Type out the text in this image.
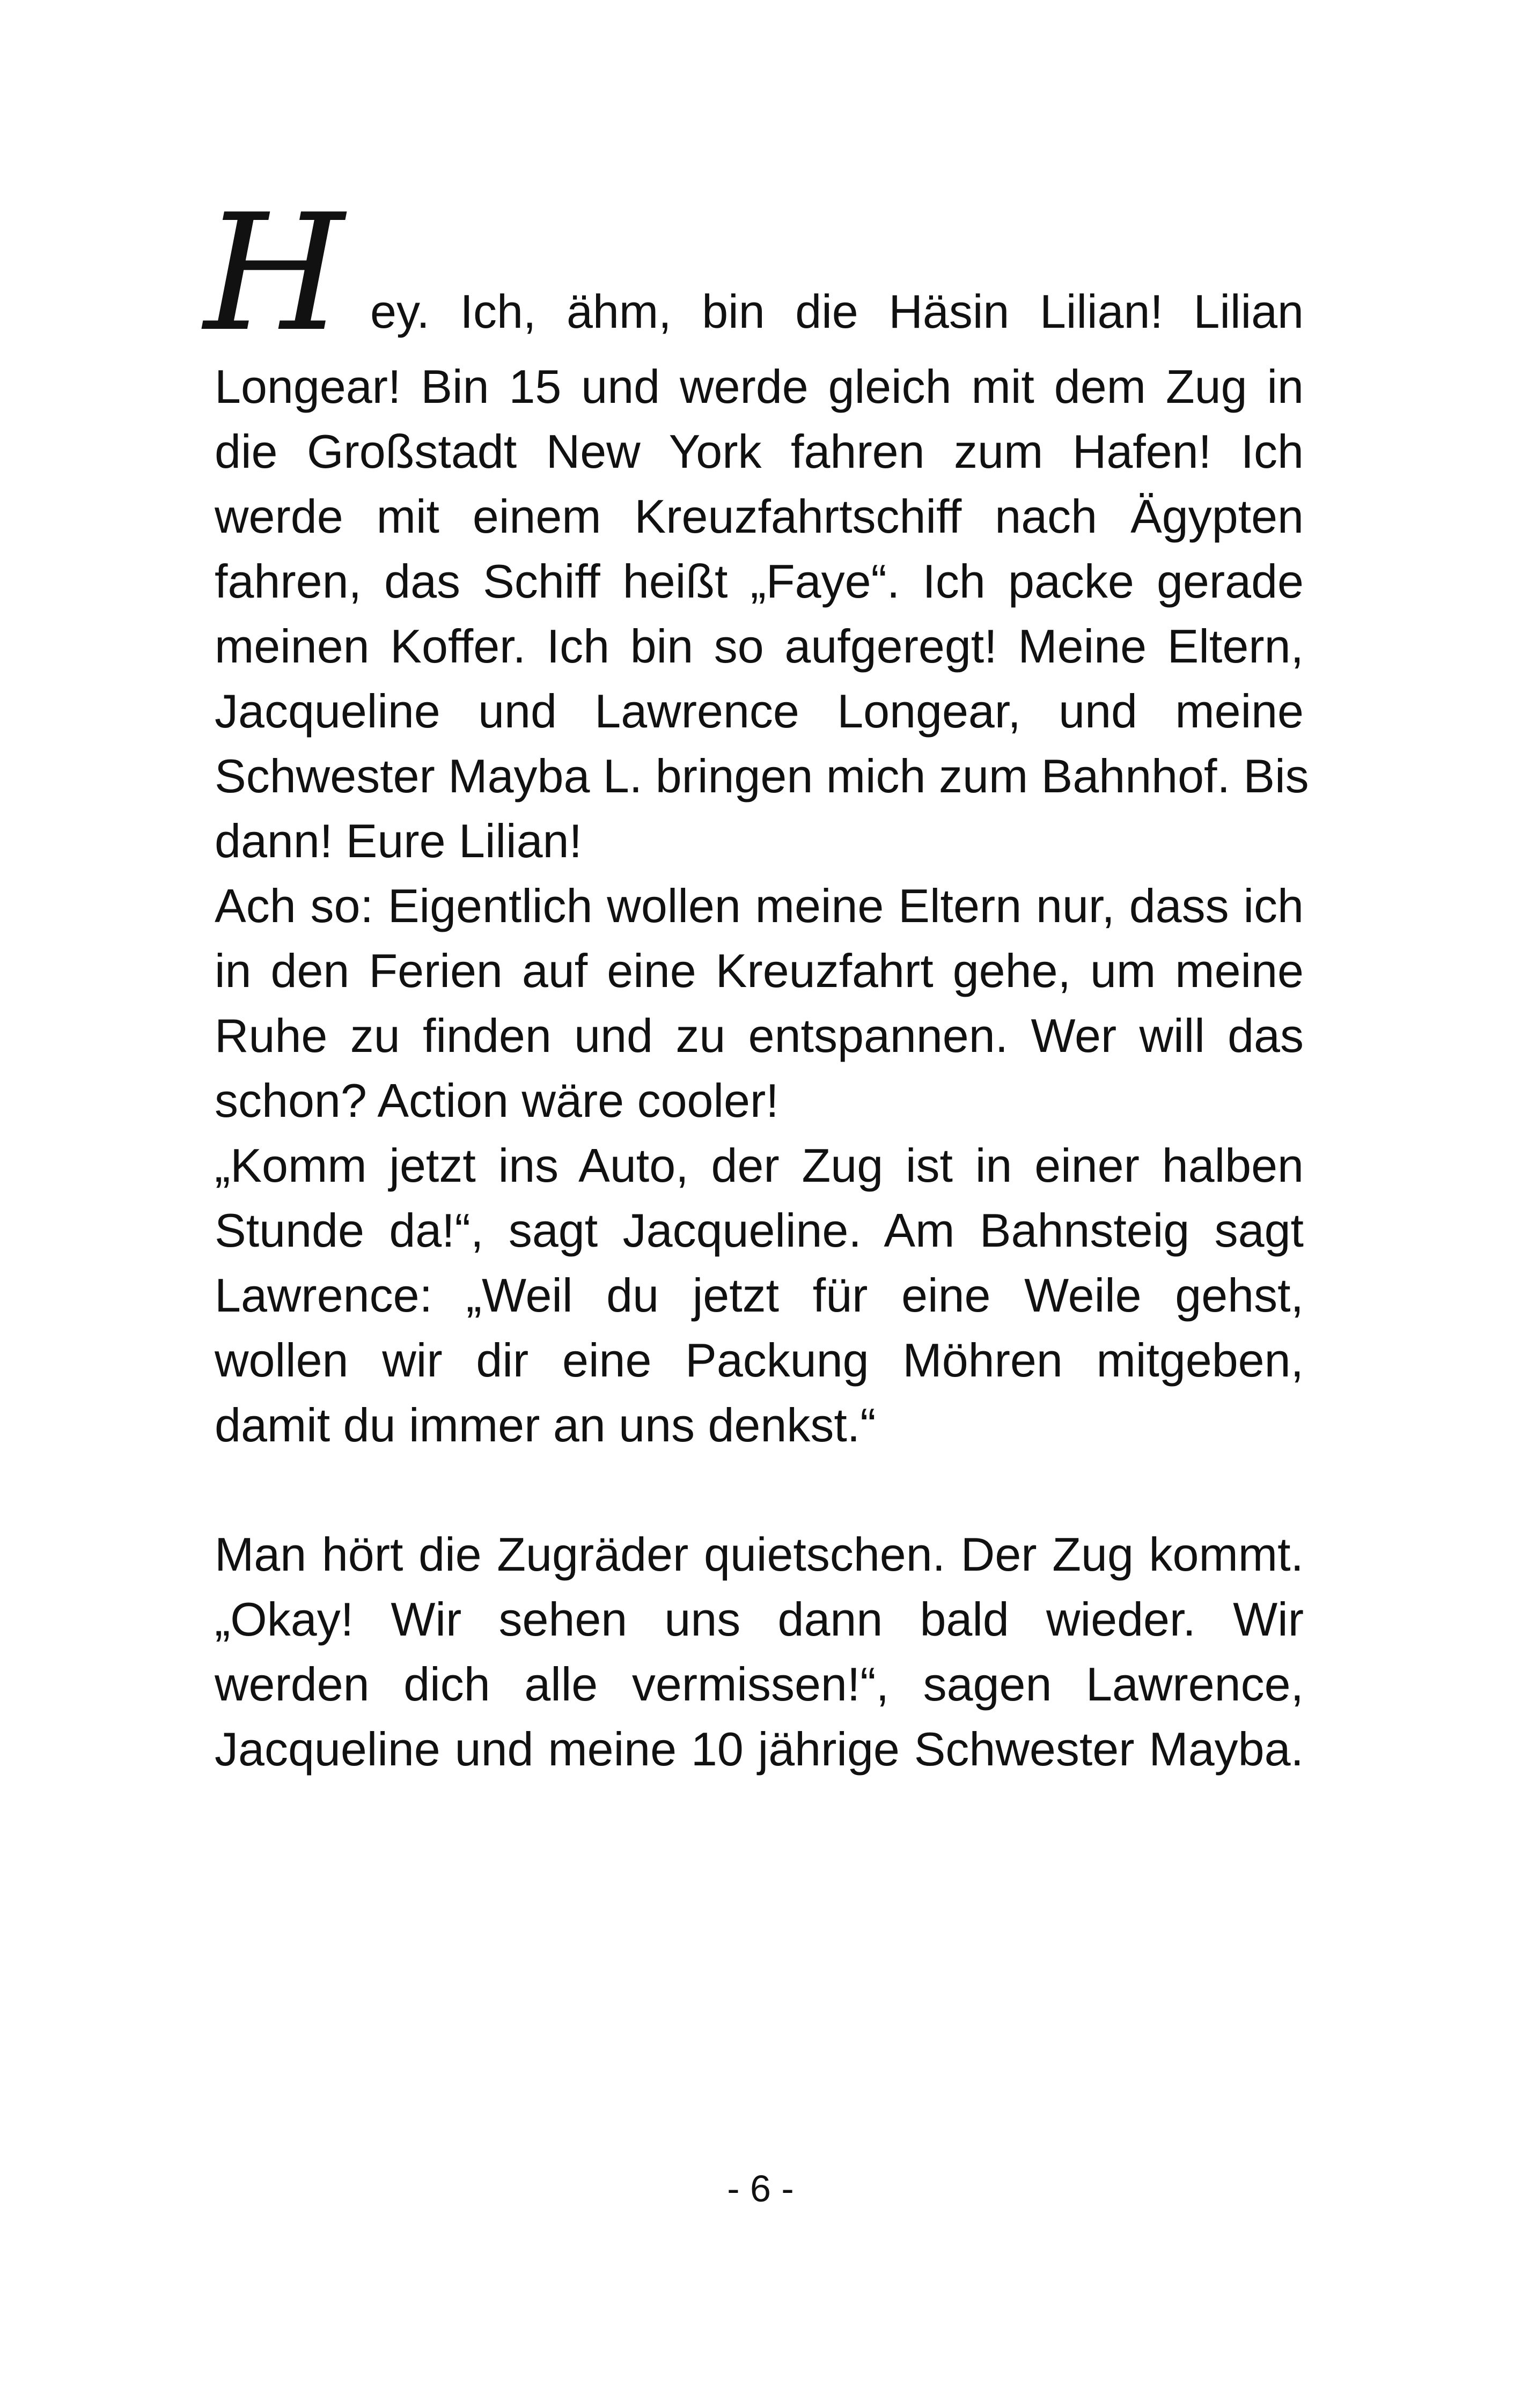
H ey. Ich, ähm, bin die Häsin Lilian! Lilian
Longear! Bin 15 und werde gleich mit dem Zug in
die Großstadt New York fahren zum Hafen! Ich
werde mit einem Kreuzfahrtschiff nach Ägypten
fahren, das Schiff heißt „Faye“. Ich packe gerade
meinen Koffer. Ich bin so aufgeregt! Meine Eltern,
Jacqueline und Lawrence Longear, und meine
Schwester Mayba L. bringen mich zum Bahnhof. Bis
dann! Eure Lilian!
Ach so: Eigentlich wollen meine Eltern nur, dass ich
in den Ferien auf eine Kreuzfahrt gehe, um meine
Ruhe zu finden und zu entspannen. Wer will das
schon? Action wäre cooler!
„Komm jetzt ins Auto, der Zug ist in einer halben
Stunde da!“, sagt Jacqueline. Am Bahnsteig sagt
Lawrence: „Weil du jetzt für eine Weile gehst,
wollen wir dir eine Packung Möhren mitgeben,
damit du immer an uns denkst.“
Man hört die Zugräder quietschen. Der Zug kommt.
„Okay! Wir sehen uns dann bald wieder. Wir
werden dich alle vermissen!“, sagen Lawrence,
Jacqueline und meine 10 jährige Schwester Mayba.
- 6 -
